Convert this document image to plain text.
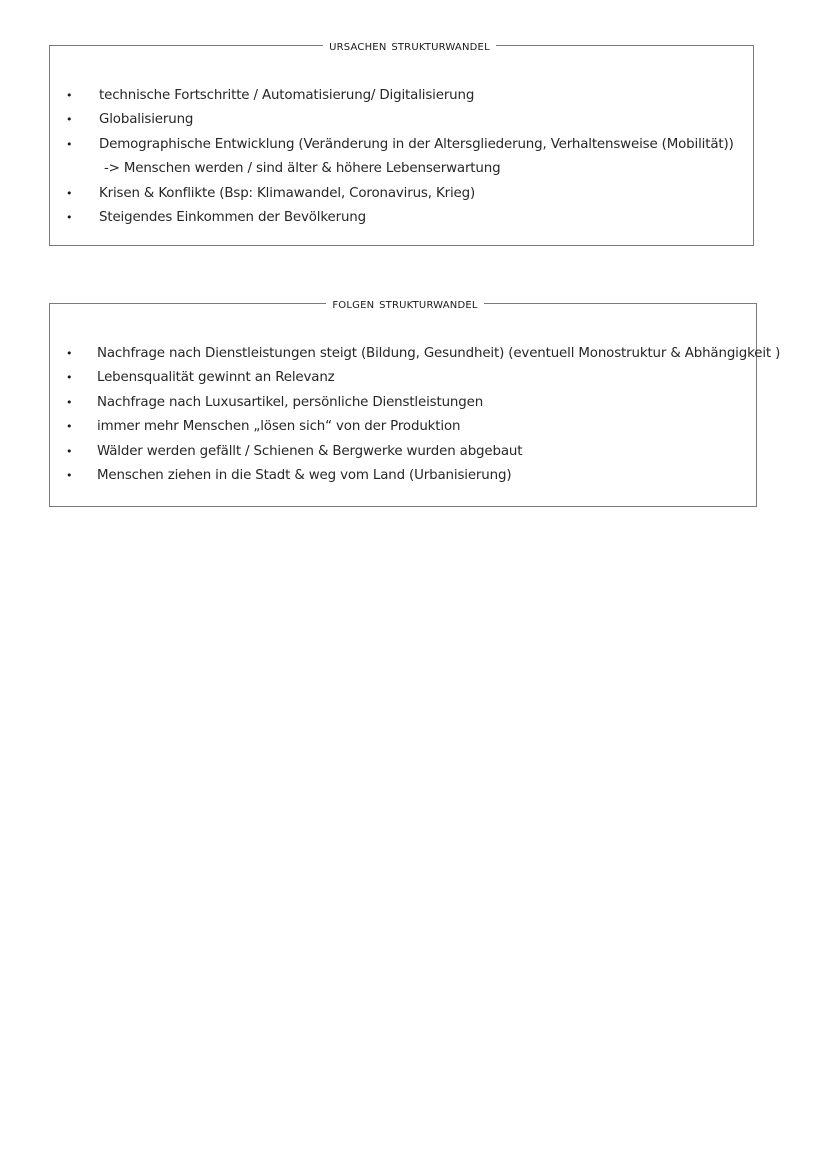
ursachen strukturwandel
• technische Fortschritte / Automatisierung/ Digitalisierung
• Globalisierung
• Demographische Entwicklung (Veränderung in der Altersgliederung, Verhaltensweise (Mobilität))
-> Menschen werden / sind älter & höhere Lebenserwartung
• Krisen & Konflikte (Bsp: Klimawandel, Coronavirus, Krieg)
• Steigendes Einkommen der Bevölkerung
folgen strukturwandel
• Nachfrage nach Dienstleistungen steigt (Bildung, Gesundheit) (eventuell Monostruktur & Abhängigkeit )
• Lebensqualität gewinnt an Relevanz
• Nachfrage nach Luxusartikel, persönliche Dienstleistungen
• immer mehr Menschen „lösen sich“ von der Produktion
• Wälder werden gefällt / Schienen & Bergwerke wurden abgebaut
• Menschen ziehen in die Stadt & weg vom Land (Urbanisierung)
